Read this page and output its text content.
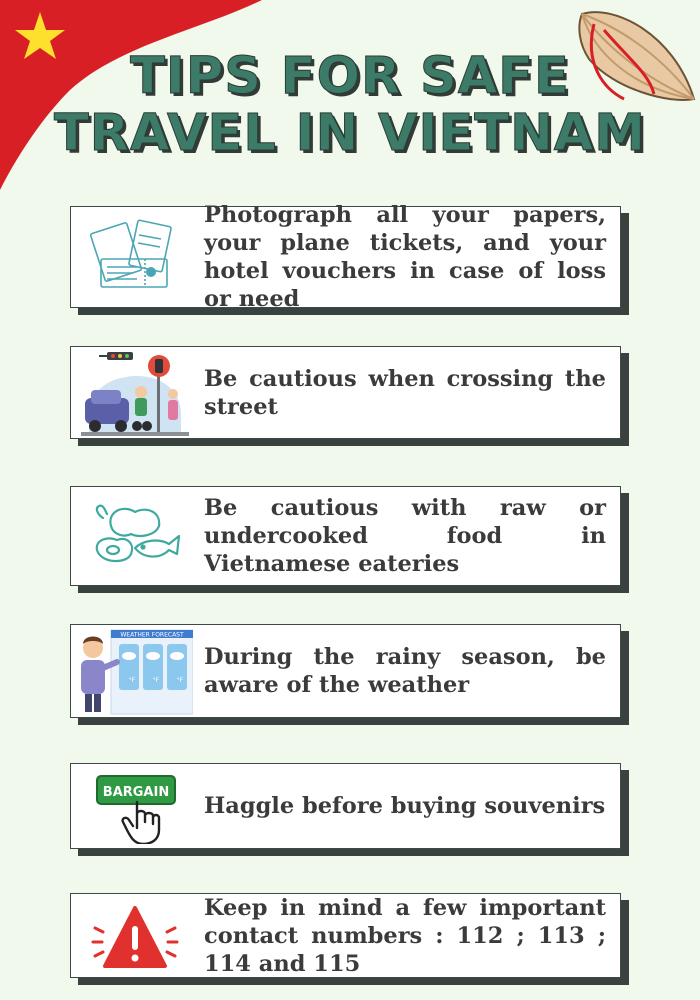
TIPS FOR SAFE
TRAVEL IN VIETNAM
Photograph all your papers, your plane tickets, and your hotel vouchers in case of loss or need
Be cautious when crossing the street
Be cautious with raw or undercooked food in Vietnamese eateries
WEATHER FORECAST
°F	°F	°F
During the rainy season, be aware of the weather
BARGAIN
Haggle before buying souvenirs
Keep in mind a few important contact numbers : 112 ; 113 ; 114 and 115
